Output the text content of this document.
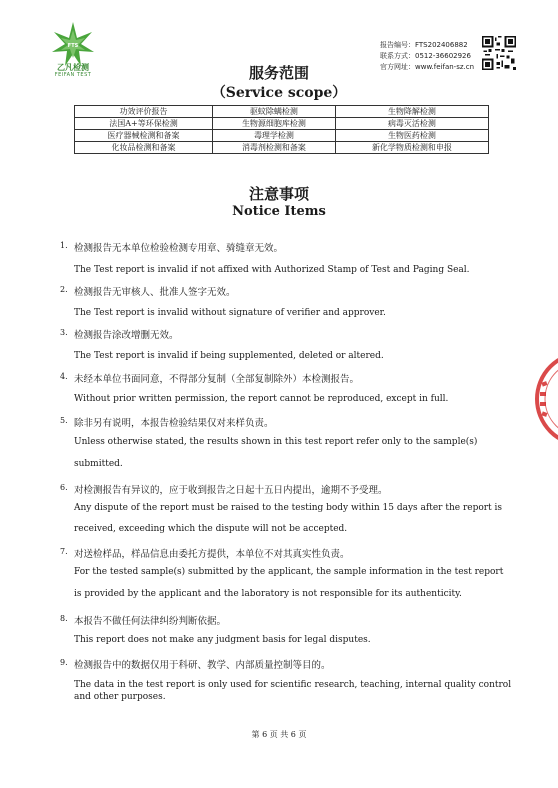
FTS
乙凡检测
FEIFAN TEST
报告编号：FTS202406882
联系方式：0512-36602926
官方网址：www.feifan-sz.cn
服务范围
（Service scope）
功效评价报告	驱蚊除螨检测	生物降解检测
法国A+等环保检测	生物源细胞库检测	病毒灭活检测
医疗器械检测和备案	毒理学检测	生物医药检测
化妆品检测和备案	消毒剂检测和备案	新化学物质检测和申报
注意事项
Notice Items
1. 检测报告无本单位检验检测专用章、骑缝章无效。
The Test report is invalid if not affixed with Authorized Stamp of Test and Paging Seal.
2. 检测报告无审核人、批准人签字无效。
The Test report is invalid without signature of verifier and approver.
3. 检测报告涂改增删无效。
The Test report is invalid if being supplemented, deleted or altered.
4. 未经本单位书面同意，不得部分复制（全部复制除外）本检测报告。
Without prior written permission, the report cannot be reproduced, except in full.
5. 除非另有说明，本报告检验结果仅对来样负责。
Unless otherwise stated, the results shown in this test report refer only to the sample(s)
submitted.
6. 对检测报告有异议的，应于收到报告之日起十五日内提出，逾期不予受理。
Any dispute of the report must be raised to the testing body within 15 days after the report is
received, exceeding which the dispute will not be accepted.
7. 对送检样品，样品信息由委托方提供，本单位不对其真实性负责。
For the tested sample(s) submitted by the applicant, the sample information in the test report
is provided by the applicant and the laboratory is not responsible for its authenticity.
8. 本报告不做任何法律纠纷判断依据。
This report does not make any judgment basis for legal disputes.
9. 检测报告中的数据仅用于科研、教学、内部质量控制等目的。
The data in the test report is only used for scientific research, teaching, internal quality control
and other purposes.
第 6 页 共 6 页
